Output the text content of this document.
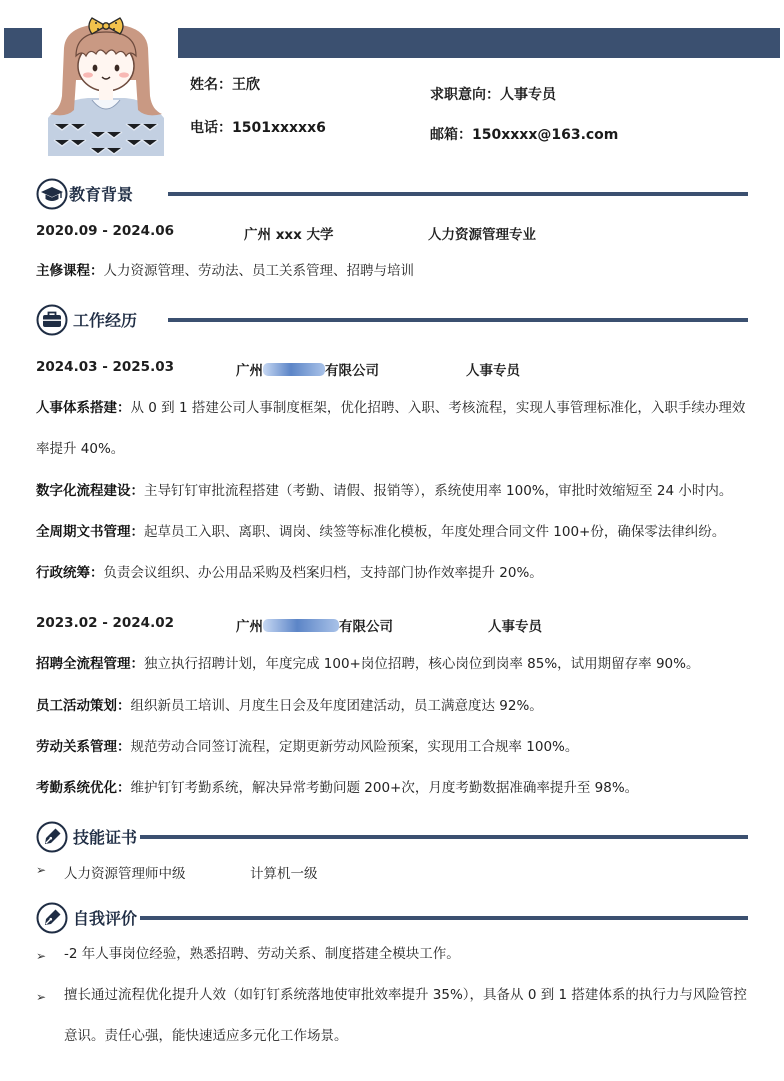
姓名：王欣
电话：1501xxxxx6
求职意向：人事专员
邮箱：150xxxx@163.com
教育背景
2020.09 - 2024.06	广州 xxx 大学	人力资源管理专业
主修课程：人力资源管理、劳动法、员工关系管理、招聘与培训
工作经历
2024.03 - 2025.03	广州	有限公司	人事专员
人事体系搭建：从 0 到 1 搭建公司人事制度框架，优化招聘、入职、考核流程，实现人事管理标准化，入职手续办理效率提升 40%。
数字化流程建设：主导钉钉审批流程搭建（考勤、请假、报销等），系统使用率 100%，审批时效缩短至 24 小时内。
全周期文书管理：起草员工入职、离职、调岗、续签等标准化模板，年度处理合同文件 100+份，确保零法律纠纷。
行政统筹：负责会议组织、办公用品采购及档案归档，支持部门协作效率提升 20%。
2023.02 - 2024.02	广州	有限公司	人事专员
招聘全流程管理：独立执行招聘计划，年度完成 100+岗位招聘，核心岗位到岗率 85%，试用期留存率 90%。
员工活动策划：组织新员工培训、月度生日会及年度团建活动，员工满意度达 92%。
劳动关系管理：规范劳动合同签订流程，定期更新劳动风险预案，实现用工合规率 100%。
考勤系统优化：维护钉钉考勤系统，解决异常考勤问题 200+次，月度考勤数据准确率提升至 98%。
技能证书
➢ 人力资源管理师中级	计算机一级
自我评价
➢ -2 年人事岗位经验，熟悉招聘、劳动关系、制度搭建全模块工作。
➢ 擅长通过流程优化提升人效（如钉钉系统落地使审批效率提升 35%），具备从 0 到 1 搭建体系的执行力与风险管控意识。责任心强，能快速适应多元化工作场景。
